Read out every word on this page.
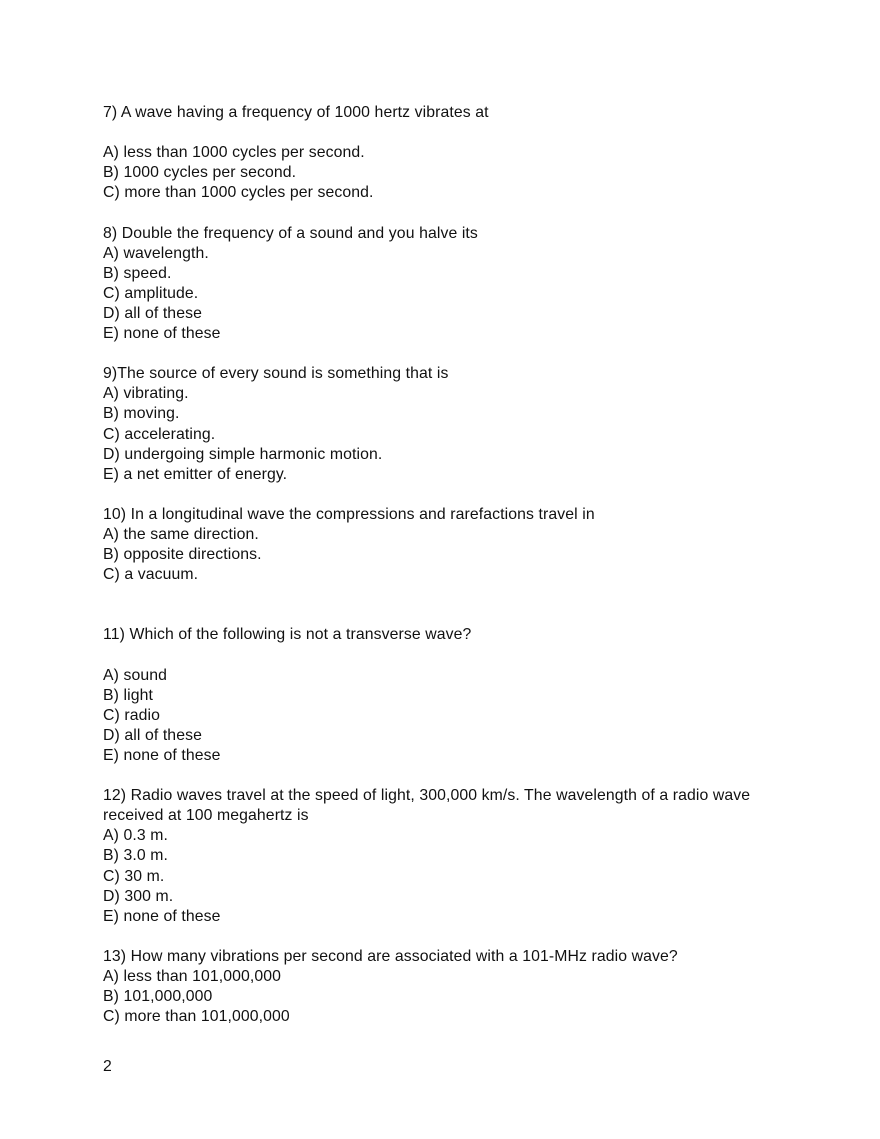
7) A wave having a frequency of 1000 hertz vibrates at

A) less than 1000 cycles per second.

B) 1000 cycles per second.

C) more than 1000 cycles per second.

8) Double the frequency of a sound and you halve its

A) wavelength.

B) speed.

C) amplitude.

D) all of these

E) none of these

9)The source of every sound is something that is

A) vibrating.

B) moving.

C) accelerating.

D) undergoing simple harmonic motion.

E) a net emitter of energy.

10) In a longitudinal wave the compressions and rarefactions travel in

A) the same direction.

B) opposite directions.

C) a vacuum.

11) Which of the following is not a transverse wave?

A) sound

B) light

C) radio

D) all of these

E) none of these

12) Radio waves travel at the speed of light, 300,000 km/s. The wavelength of a radio wave received at 100 megahertz is

A) 0.3 m.

B) 3.0 m.

C) 30 m.

D) 300 m.

E) none of these

13) How many vibrations per second are associated with a 101-MHz radio wave?

A) less than 101,000,000

B) 101,000,000

C) more than 101,000,000

2
